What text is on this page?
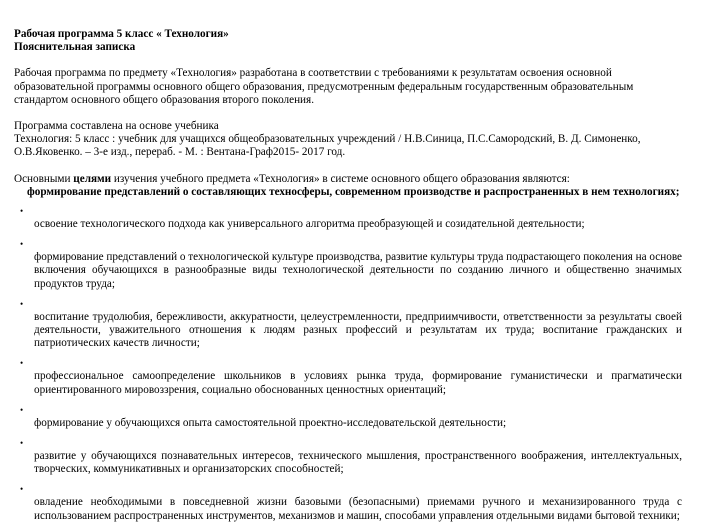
Рабочая программа 5 класс « Технология»

Пояснительная записка

Рабочая программа по предмету «Технология» разработана в соответствии с требованиями к результатам освоения основной образовательной программы основного общего образования, предусмотренным федеральным государственным образовательным стандартом основного общего образования второго поколения.

Программа составлена на основе учебника

Технология: 5 класс : учебник для учащихся общеобразовательных учреждений / Н.В.Синица, П.С.Самородский, В. Д. Симоненко, О.В.Яковенко. – 3-е изд., перераб. - М. : Вентана-Граф2015- 2017 год.

Основными целями изучения учебного предмета «Технология» в системе основного общего образования являются:

формирование представлений о составляющих техносферы, современном производстве и распространенных в нем технологиях;

•
освоение технологического подхода как универсального алгоритма преобразующей и созидательной деятельности;
•
формирование представлений о технологической культуре производства, развитие культуры труда подрастающего поколения на основе включения обучающихся в разнообразные виды технологической деятельности по созданию личного и общественно значимых продуктов труда;
•
воспитание трудолюбия, бережливости, аккуратности, целеустремленности, предприимчивости, ответственности за результаты своей деятельности, уважительного отношения к людям разных профессий и результатам их труда; воспитание гражданских и патриотических качеств личности;
•
профессиональное самоопределение школьников в условиях рынка труда, формирование гуманистически и прагматически ориентированного мировоззрения, социально обоснованных ценностных ориентаций;
•
формирование у обучающихся опыта самостоятельной проектно-исследовательской деятельности;
•
развитие у обучающихся познавательных интересов, технического мышления, пространственного воображения, интеллектуальных, творческих, коммуникативных и организаторских способностей;
•
овладение необходимыми в повседневной жизни базовыми (безопасными) приемами ручного и механизированного труда с использованием распространенных инструментов, механизмов и машин, способами управления отдельными видами бытовой техники;
